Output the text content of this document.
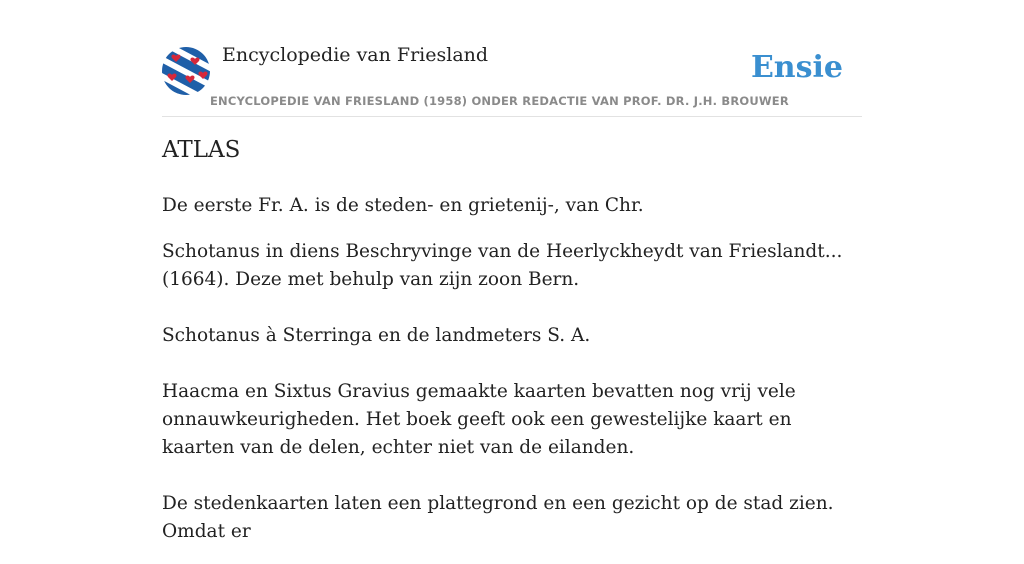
Encyclopedie van Friesland	Ensie
ENCYCLOPEDIE VAN FRIESLAND (1958) ONDER REDACTIE VAN PROF. DR. J.H. BROUWER
ATLAS

De eerste Fr. A. is de steden- en grietenij-, van Chr.

Schotanus in diens Beschryvinge van de Heerlyckheydt van Frieslandt... (1664). Deze met behulp van zijn zoon Bern.

Schotanus à Sterringa en de landmeters S. A.

Haacma en Sixtus Gravius gemaakte kaarten bevatten nog vrij vele onnauwkeurigheden. Het boek geeft ook een gewestelijke kaart en kaarten van de delen, echter niet van de eilanden.

De stedenkaarten laten een plattegrond en een gezicht op de stad zien. Omdat er
